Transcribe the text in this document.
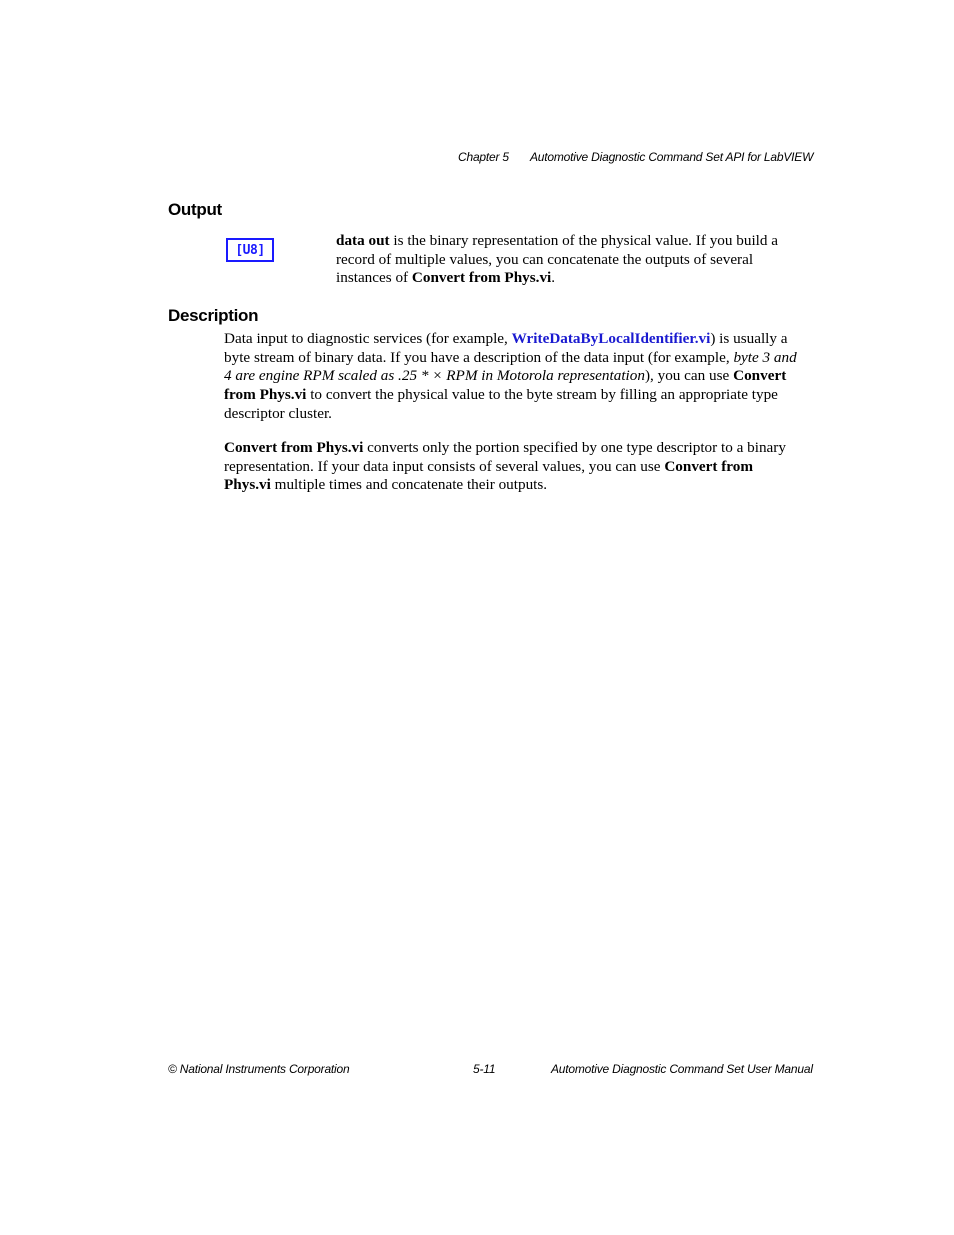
Chapter 5 Automotive Diagnostic Command Set API for LabVIEW
Output
[U8]

data out is the binary representation of the physical value. If you build a record of multiple values, you can concatenate the outputs of several instances of Convert from Phys.vi.

Description

Data input to diagnostic services (for example, WriteDataByLocalIdentifier.vi) is usually a byte stream of binary data. If you have a description of the data input (for example, byte 3 and 4 are engine RPM scaled as .25 * × RPM in Motorola representation), you can use Convert from Phys.vi to convert the physical value to the byte stream by filling an appropriate type descriptor cluster.

Convert from Phys.vi converts only the portion specified by one type descriptor to a binary representation. If your data input consists of several values, you can use Convert from Phys.vi multiple times and concatenate their outputs.

© National Instruments Corporation	5-11	Automotive Diagnostic Command Set User Manual
